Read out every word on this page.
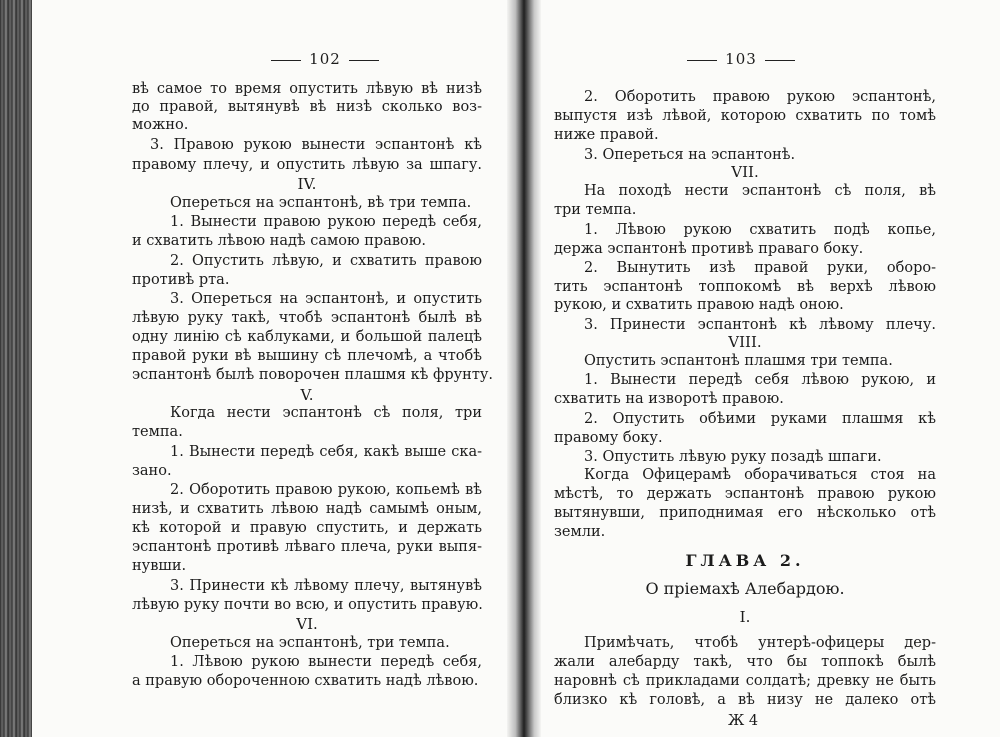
102
вѣ самое то время опустить лѣвую вѣ низѣ
до правой, вытянувѣ вѣ низѣ сколько воз-
можно.
3. Правою рукою вынести эспантонѣ кѣ
правому плечу, и опустить лѣвую за шпагу.
IV.
Опереться на эспантонѣ, вѣ три темпа.
1. Вынести правою рукою передѣ себя,
и схватить лѣвою надѣ самою правою.
2. Опустить лѣвую, и схватить правою
противѣ рта.
3. Опереться на эспантонѣ, и опустить
лѣвую руку такѣ, чтобѣ эспантонѣ былѣ вѣ
одну линію сѣ каблуками, и большой палецѣ
правой руки вѣ вышину сѣ плечомѣ, а чтобѣ
эспантонѣ былѣ поворочен плашмя кѣ фрунту.
V.
Когда нести эспантонѣ сѣ поля, три
темпа.
1. Вынести передѣ себя, какѣ выше ска-
зано.
2. Оборотить правою рукою, копьемѣ вѣ
низѣ, и схватить лѣвою надѣ самымѣ оным,
кѣ которой и правую спустить, и держать
эспантонѣ противѣ лѣваго плеча, руки выпя-
нувши.
3. Принести кѣ лѣвому плечу, вытянувѣ
лѣвую руку почти во всю, и опустить правую.
VI.
Опереться на эспантонѣ, три темпа.
1. Лѣвою рукою вынести передѣ себя,
а правую обороченною схватить надѣ лѣвою.
103
2. Оборотить правою рукою эспантонѣ,
выпустя изѣ лѣвой, которою схватить по томѣ
ниже правой.
3. Опереться на эспантонѣ.
VII.
На походѣ нести эспантонѣ сѣ поля, вѣ
три темпа.
1. Лѣвою рукою схватить подѣ копье,
держа эспантонѣ противѣ праваго боку.
2. Вынутить изѣ правой руки, оборо-
тить эспантонѣ топпокомѣ вѣ верхѣ лѣвою
рукою, и схватить правою надѣ оною.
3. Принести эспантонѣ кѣ лѣвому плечу.
VIII.
Опустить эспантонѣ плашмя три темпа.
1. Вынести передѣ себя лѣвою рукою, и
схватить на изворотѣ правою.
2. Опустить обѣими руками плашмя кѣ
правому боку.
3. Опустить лѣвую руку позадѣ шпаги.
Когда Офицерамѣ оборачиваться стоя на
мѣстѣ, то держать эспантонѣ правою рукою
вытянувши, приподнимая его нѣсколько отѣ
земли.
ГЛАВА 2.
О пріемахѣ Алебардою.
I.
Примѣчать, чтобѣ унтерѣ-офицеры дер-
жали алебарду такѣ, что бы топпокѣ былѣ
наровнѣ сѣ прикладами солдатѣ; древку не быть
близко кѣ головѣ, а вѣ низу не далеко отѣ
Ж 4
